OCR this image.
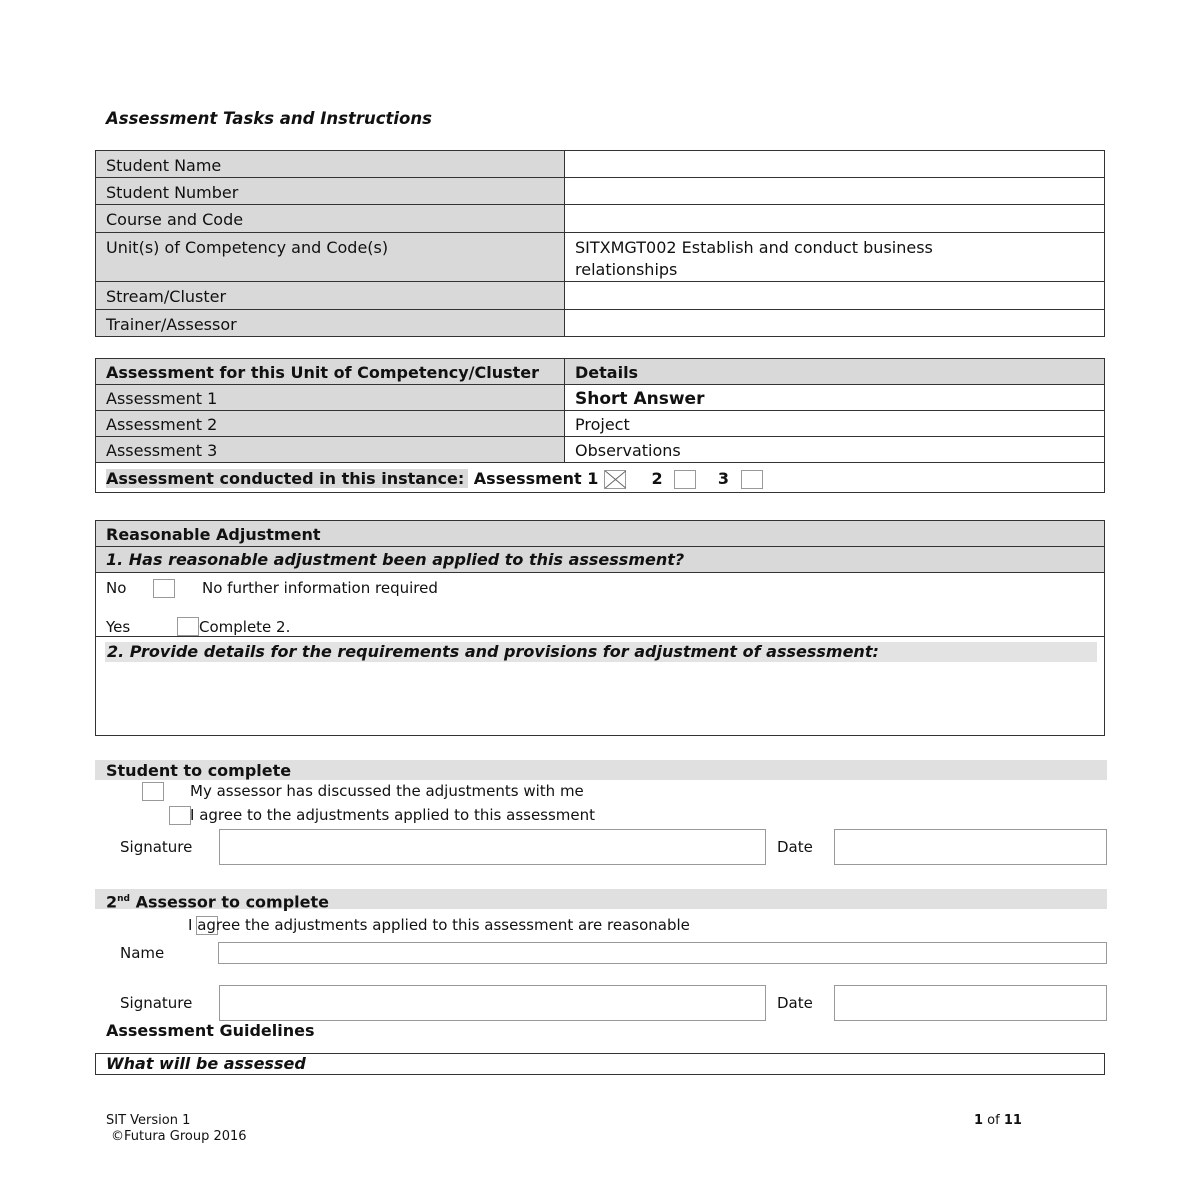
Assessment Tasks and Instructions
Student Name	
Student Number	
Course and Code	
Unit(s) of Competency and Code(s)	SITXMGT002 Establish and conduct business relationships
Stream/Cluster	
Trainer/Assessor	
Assessment for this Unit of Competency/Cluster	Details
Assessment 1	Short Answer
Assessment 2	Project
Assessment 3	Observations
Assessment conducted in this instance: Assessment 1 2 3	
Reasonable Adjustment
1. Has reasonable adjustment been applied to this assessment?
No
	No further information required
Yes	Complete 2.
2. Provide details for the requirements and provisions for adjustment of assessment:
Student to complete

My assessor has discussed the adjustments with me

I agree to the adjustments applied to this assessment
Signature	Date
2nd Assessor to complete
I agree the adjustments applied to this assessment are reasonable
Name
Signature	Date
Assessment Guidelines
What will be assessed
SIT Version 1
©Futura Group 2016
1 of 11
